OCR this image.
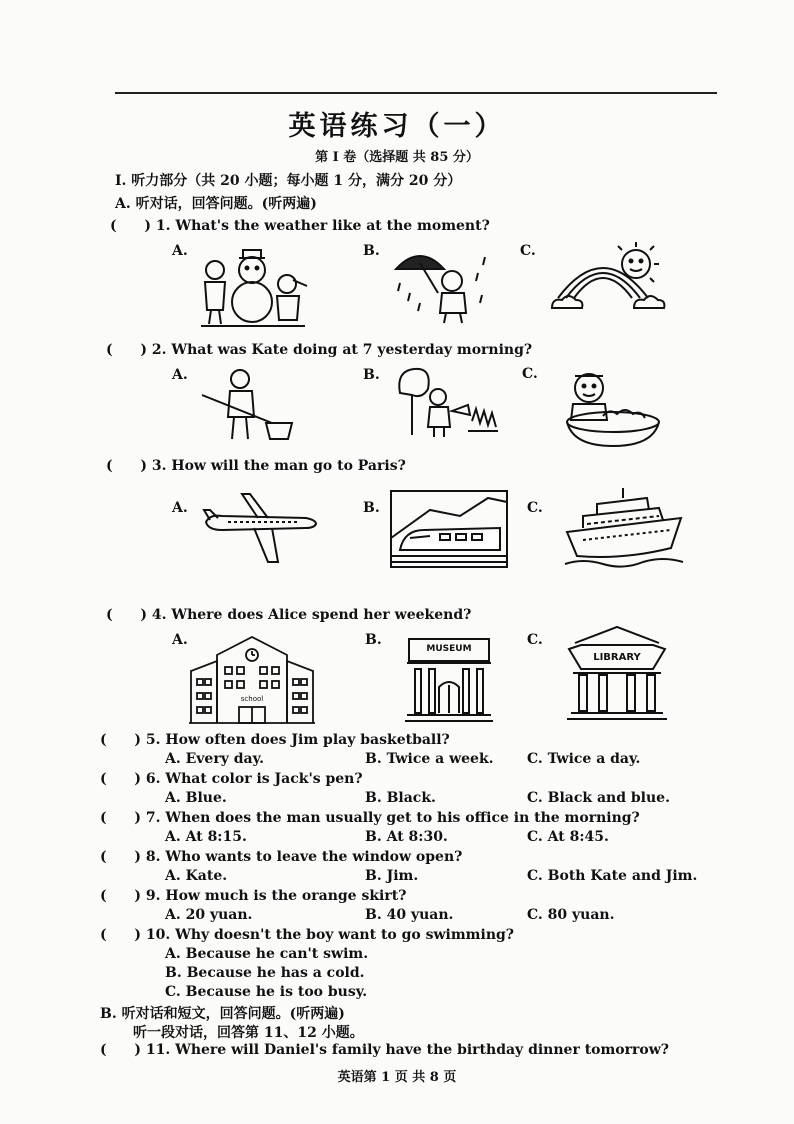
英语练习（一）
第 I 卷（选择题 共 85 分）
I. 听力部分（共 20 小题；每小题 1 分，满分 20 分）
A. 听对话，回答问题。(听两遍)
( ) 1. What's the weather like at the moment?
A.	B.	C.
( ) 2. What was Kate doing at 7 yesterday morning?
A.	B.	C.
( ) 3. How will the man go to Paris?
A.	B.	C.
( ) 4. Where does Alice spend her weekend?
A.	B.	C.
school
MUSEUM
LIBRARY
( ) 5. How often does Jim play basketball?
A. Every day.	B. Twice a week. C. Twice a day.
( ) 6. What color is Jack's pen?
A. Blue.	B. Black.	C. Black and blue.
( ) 7. When does the man usually get to his office in the morning?
A. At 8:15.	B. At 8:30.	C. At 8:45.
( ) 8. Who wants to leave the window open?
A. Kate.	B. Jim.	C. Both Kate and Jim.
( ) 9. How much is the orange skirt?
A. 20 yuan.	B. 40 yuan.	C. 80 yuan.
( ) 10. Why doesn't the boy want to go swimming?
A. Because he can't swim.
B. Because he has a cold.
C. Because he is too busy.
B. 听对话和短文，回答问题。(听两遍)
听一段对话，回答第 11、12 小题。
( ) 11. Where will Daniel's family have the birthday dinner tomorrow?
英语第 1 页 共 8 页
